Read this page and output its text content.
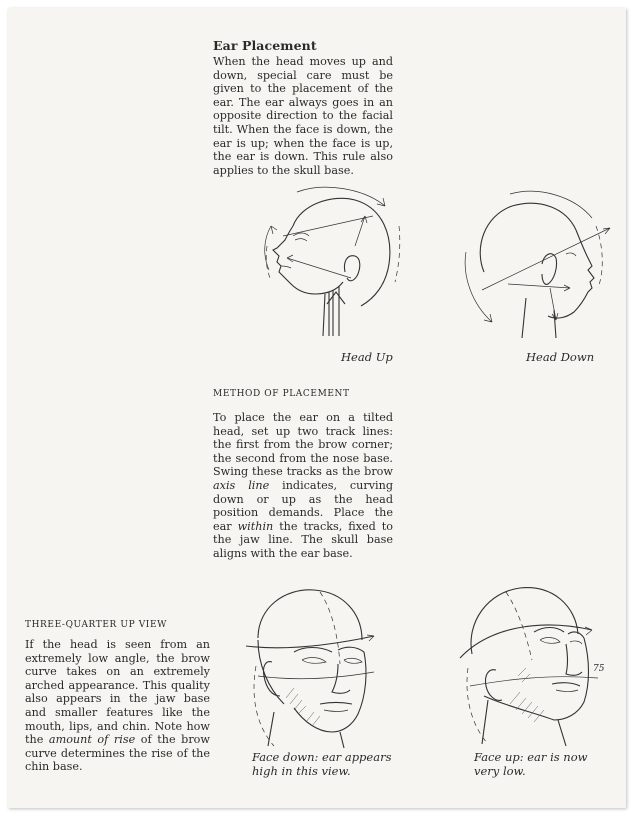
Ear Placement

When the head moves up and down, special care must be given to the placement of the ear. The ear always goes in an opposite direction to the facial tilt. When the face is down, the ear is up; when the face is up, the ear is down. This rule also applies to the skull base.

Head Up	Head Down
METHOD OF PLACEMENT

To place the ear on a tilted head, set up two track lines: the first from the brow corner; the second from the nose base. Swing these tracks as the brow axis line indicates, curving down or up as the head position demands. Place the ear within the tracks, fixed to the jaw line. The skull base aligns with the ear base.

THREE-QUARTER UP VIEW

If the head is seen from an extremely low angle, the brow curve takes on an extremely arched appearance. This quality also appears in the jaw base and smaller features like the mouth, lips, and chin. Note how the amount of rise of the brow curve determines the rise of the chin base.

Face down: ear appears
high in this view.
Face up: ear is now
very low.
75
